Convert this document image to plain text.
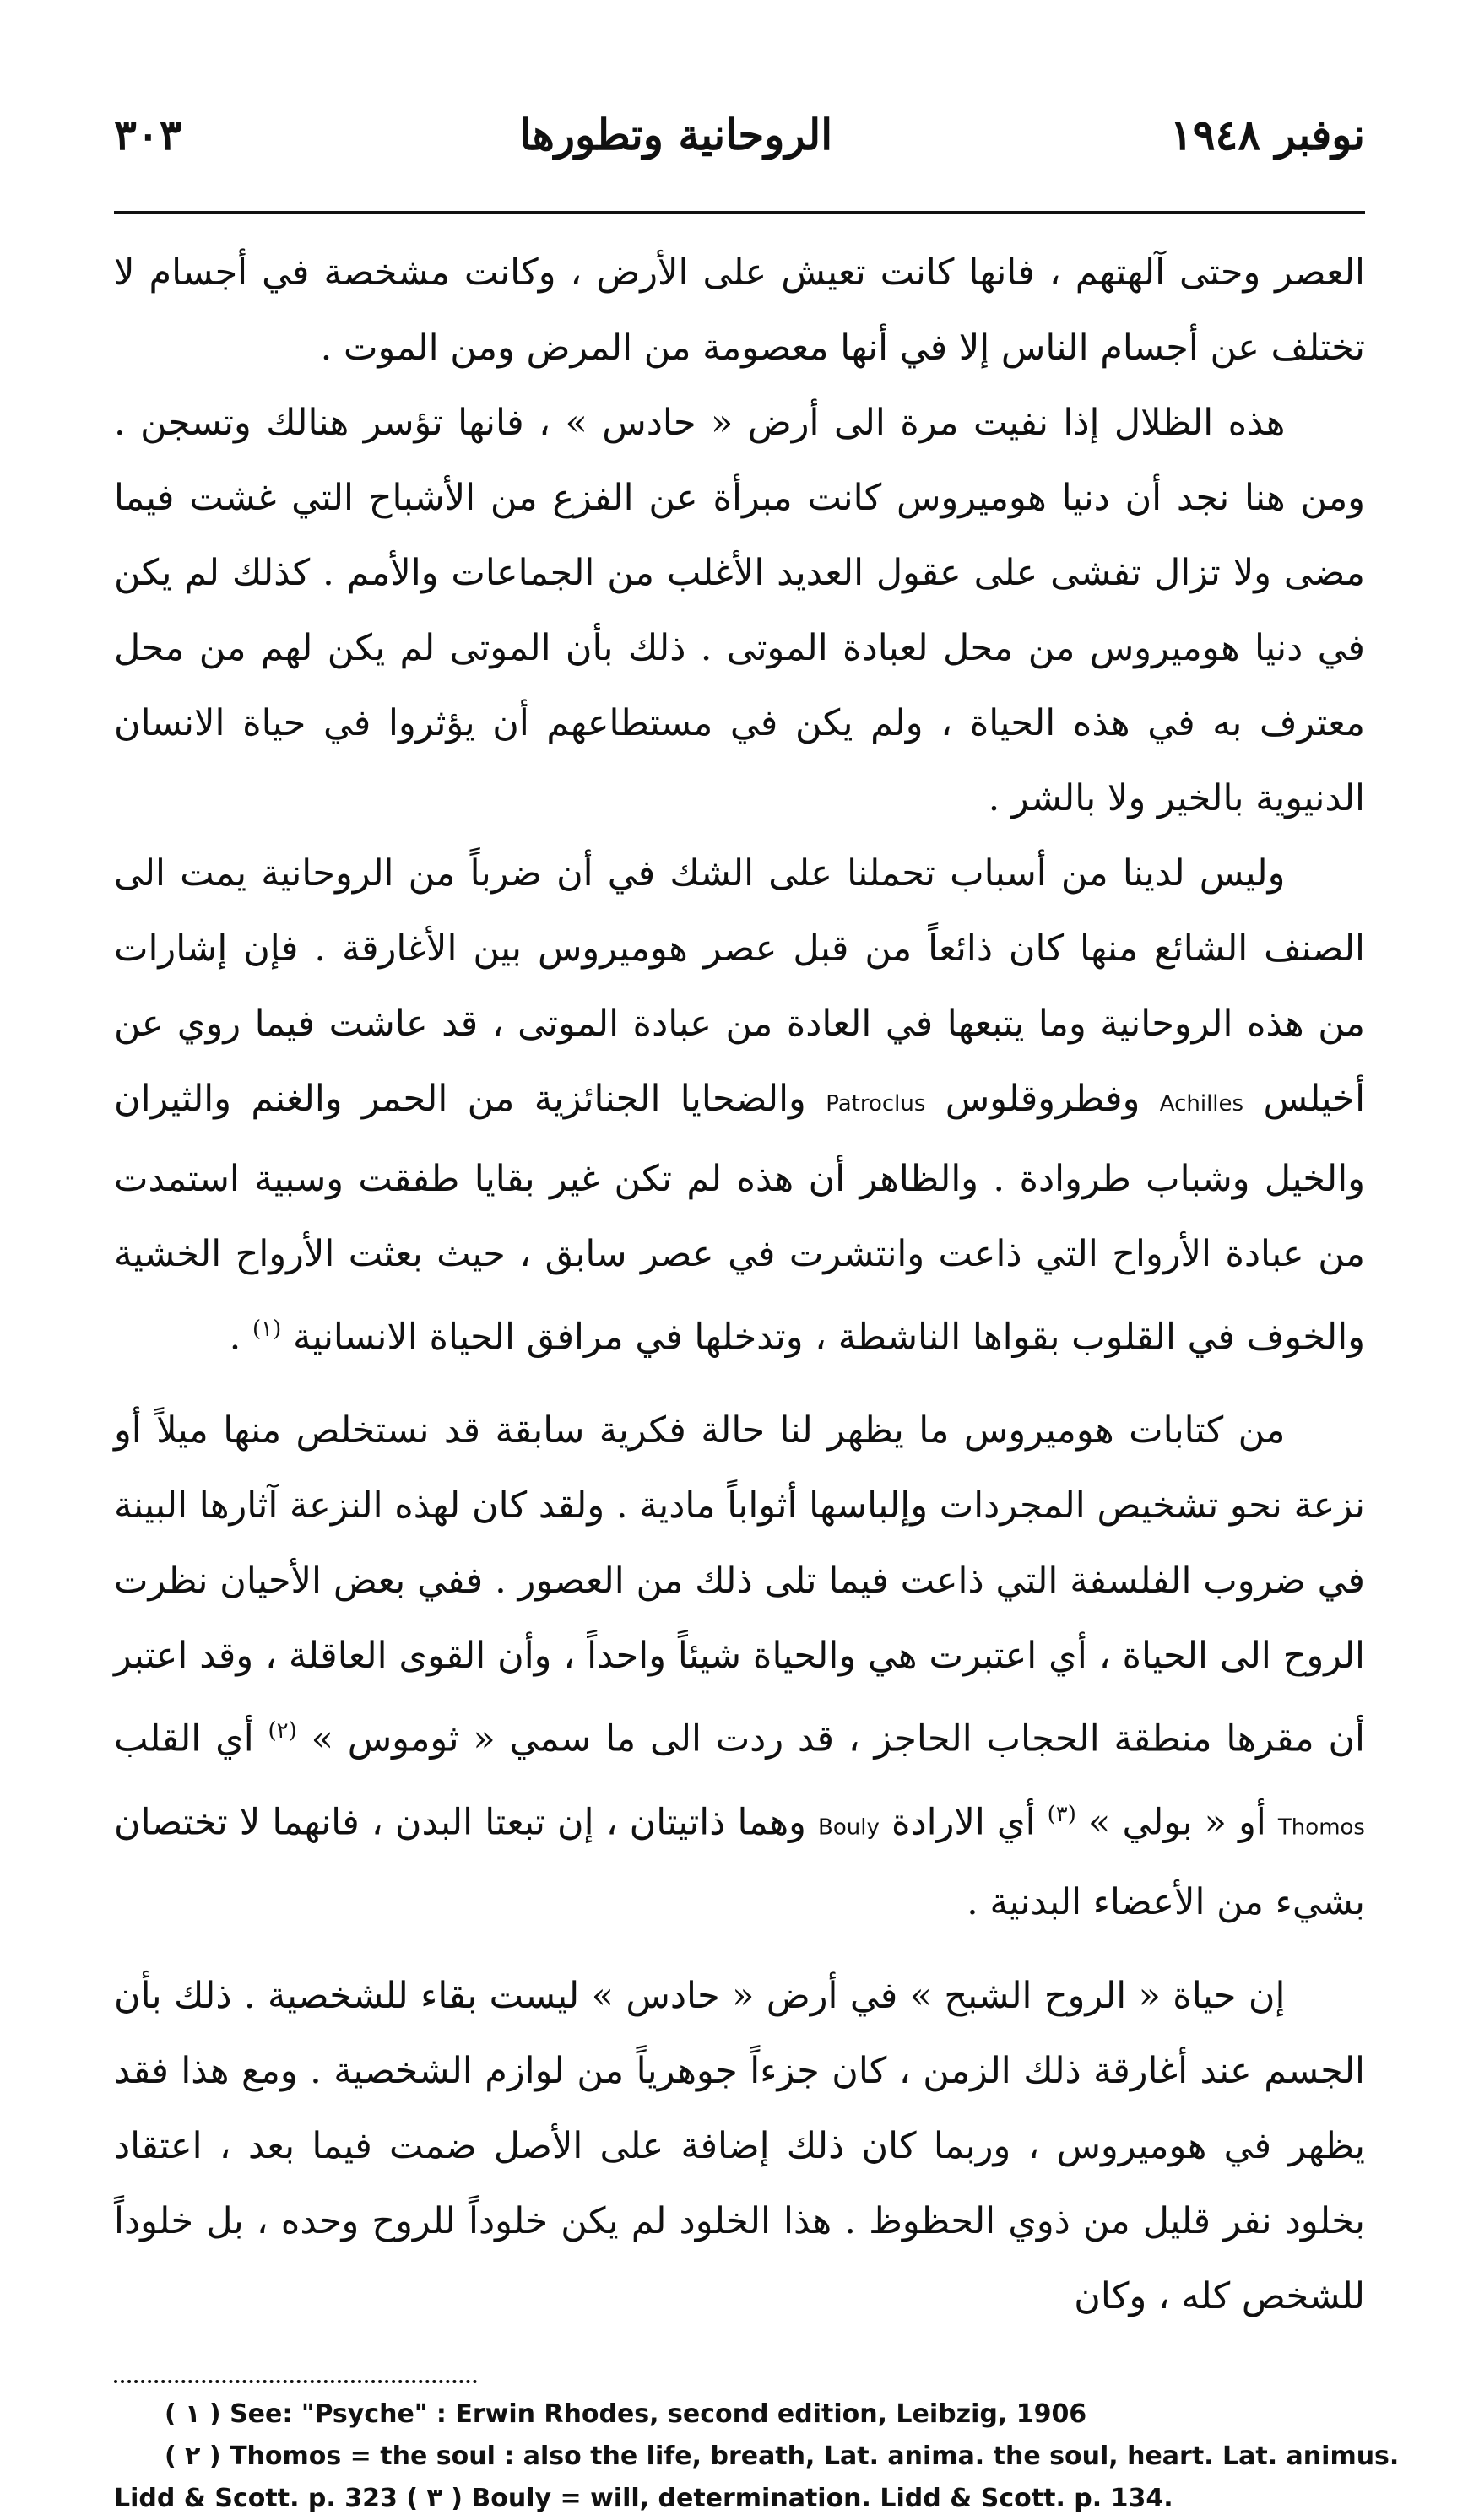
نوفبر ١٩٤٨
الروحانية وتطورها
٣٠٣

العصر وحتى آلهتهم ، فانها كانت تعيش على الأرض ، وكانت مشخصة في أجسام لا تختلف عن أجسام الناس إلا في أنها معصومة من المرض ومن الموت .

هذه الظلال إذا نفيت مرة الى أرض « حادس » ، فانها تؤسر هنالك وتسجن . ومن هنا نجد أن دنيا هوميروس كانت مبرأة عن الفزع من الأشباح التي غشت فيما مضى ولا تزال تفشى على عقول العديد الأغلب من الجماعات والأمم . كذلك لم يكن في دنيا هوميروس من محل لعبادة الموتى . ذلك بأن الموتى لم يكن لهم من محل معترف به في هذه الحياة ، ولم يكن في مستطاعهم أن يؤثروا في حياة الانسان الدنيوية بالخير ولا بالشر .

وليس لدينا من أسباب تحملنا على الشك في أن ضرباً من الروحانية يمت الى الصنف الشائع منها كان ذائعاً من قبل عصر هوميروس بين الأغارقة . فإن إشارات من هذه الروحانية وما يتبعها في العادة من عبادة الموتى ، قد عاشت فيما روي عن أخيلس Achilles وفطروقلوس Patroclus والضحايا الجنائزية من الحمر والغنم والثيران والخيل وشباب طروادة . والظاهر أن هذه لم تكن غير بقايا طفقت وسبية استمدت من عبادة الأرواح التي ذاعت وانتشرت في عصر سابق ، حيث بعثت الأرواح الخشية والخوف في القلوب بقواها الناشطة ، وتدخلها في مرافق الحياة الانسانية $^{(١)}$ .

من كتابات هوميروس ما يظهر لنا حالة فكرية سابقة قد نستخلص منها ميلاً أو نزعة نحو تشخيص المجردات وإلباسها أثواباً مادية . ولقد كان لهذه النزعة آثارها البينة في ضروب الفلسفة التي ذاعت فيما تلى ذلك من العصور . ففي بعض الأحيان نظرت الروح الى الحياة ، أي اعتبرت هي والحياة شيئاً واحداً ، وأن القوى العاقلة ، وقد اعتبر أن مقرها منطقة الحجاب الحاجز ، قد ردت الى ما سمي « ثوموس » $^{(٢)}$ أي القلب Thomos أو « بولي » $^{(٣)}$ أي الارادة Bouly وهما ذاتيتان ، إن تبعتا البدن ، فانهما لا تختصان بشيء من الأعضاء البدنية .

إن حياة « الروح الشبح » في أرض « حادس » ليست بقاء للشخصية . ذلك بأن الجسم عند أغارقة ذلك الزمن ، كان جزءاً جوهرياً من لوازم الشخصية . ومع هذا فقد يظهر في هوميروس ، وربما كان ذلك إضافة على الأصل ضمت فيما بعد ، اعتقاد بخلود نفر قليل من ذوي الحظوظ . هذا الخلود لم يكن خلوداً للروح وحده ، بل خلوداً للشخص كله ، وكان

( ١ ) See: "Psyche" : Erwin Rhodes, second edition, Leibzig, 1906
( ٢ ) Thomos = the soul : also the life, breath, Lat. anima. the soul, heart. Lat. animus.
Lidd & Scott. p. 323 ( ٣ ) Bouly = will, determination. Lidd & Scott. p. 134.
